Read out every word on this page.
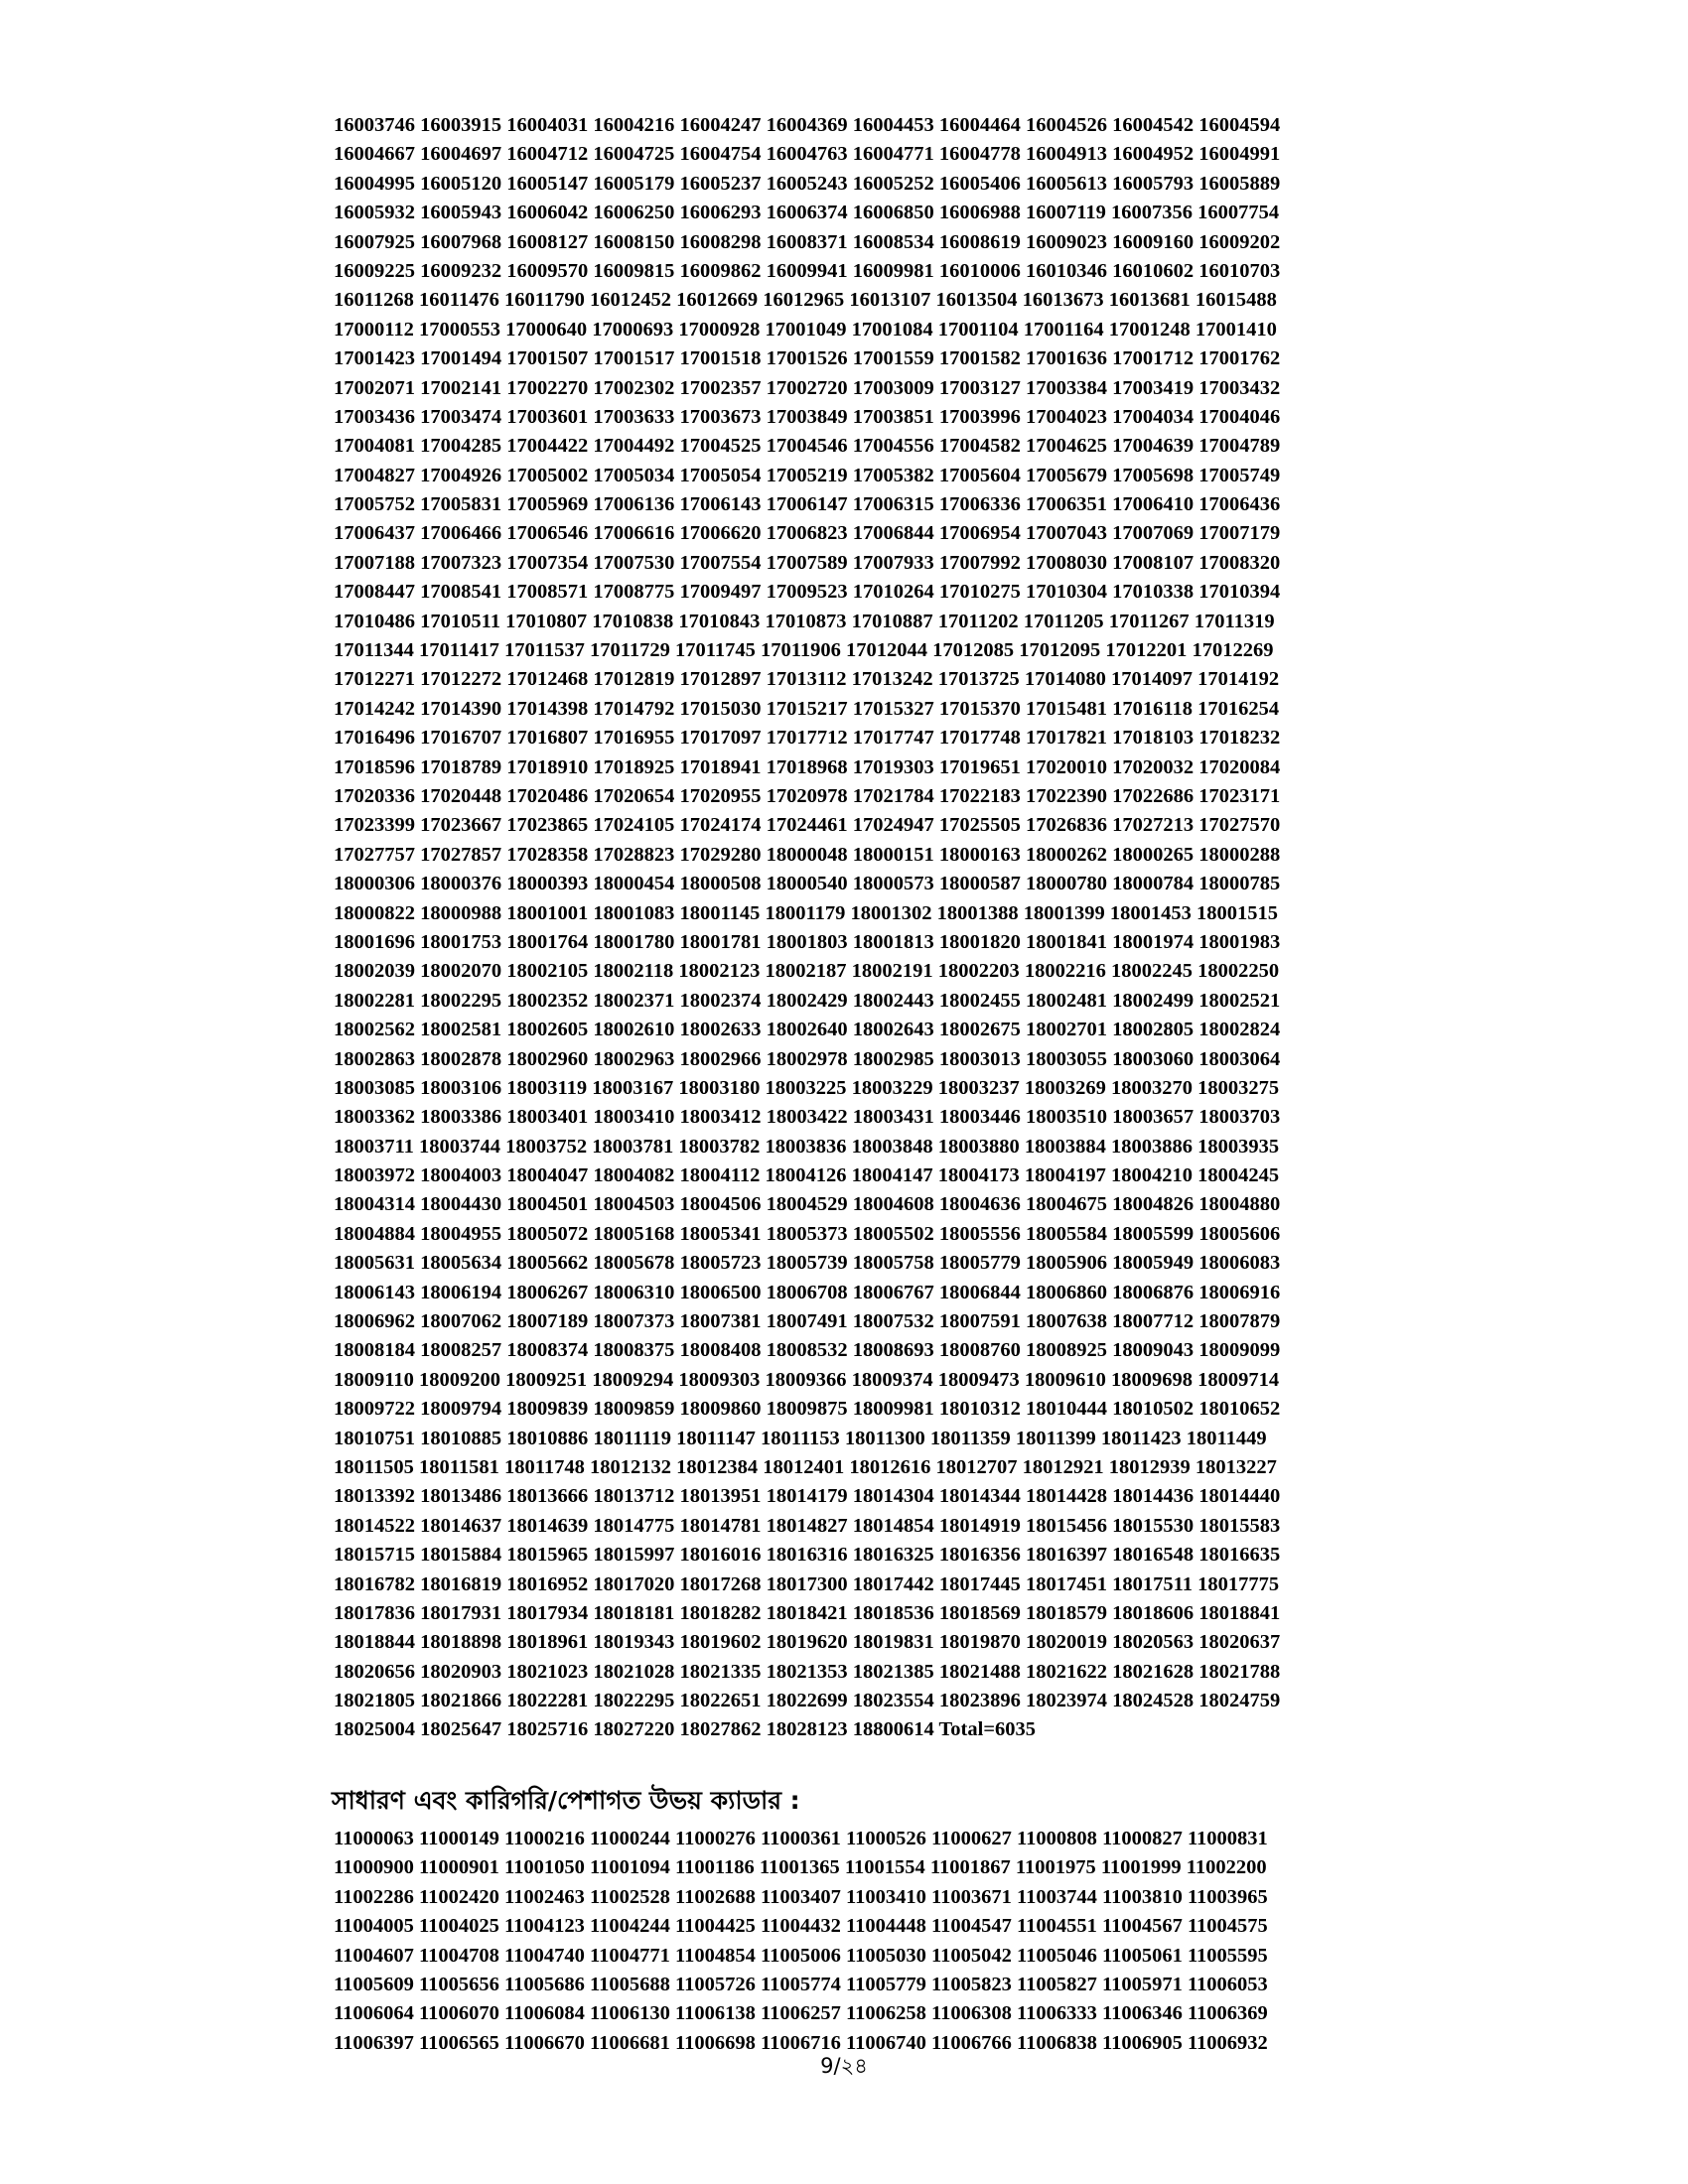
16003746 16003915 16004031 16004216 16004247 16004369 16004453 16004464 16004526 16004542 16004594
16004667 16004697 16004712 16004725 16004754 16004763 16004771 16004778 16004913 16004952 16004991
16004995 16005120 16005147 16005179 16005237 16005243 16005252 16005406 16005613 16005793 16005889
16005932 16005943 16006042 16006250 16006293 16006374 16006850 16006988 16007119 16007356 16007754
16007925 16007968 16008127 16008150 16008298 16008371 16008534 16008619 16009023 16009160 16009202
16009225 16009232 16009570 16009815 16009862 16009941 16009981 16010006 16010346 16010602 16010703
16011268 16011476 16011790 16012452 16012669 16012965 16013107 16013504 16013673 16013681 16015488
17000112 17000553 17000640 17000693 17000928 17001049 17001084 17001104 17001164 17001248 17001410
17001423 17001494 17001507 17001517 17001518 17001526 17001559 17001582 17001636 17001712 17001762
17002071 17002141 17002270 17002302 17002357 17002720 17003009 17003127 17003384 17003419 17003432
17003436 17003474 17003601 17003633 17003673 17003849 17003851 17003996 17004023 17004034 17004046
17004081 17004285 17004422 17004492 17004525 17004546 17004556 17004582 17004625 17004639 17004789
17004827 17004926 17005002 17005034 17005054 17005219 17005382 17005604 17005679 17005698 17005749
17005752 17005831 17005969 17006136 17006143 17006147 17006315 17006336 17006351 17006410 17006436
17006437 17006466 17006546 17006616 17006620 17006823 17006844 17006954 17007043 17007069 17007179
17007188 17007323 17007354 17007530 17007554 17007589 17007933 17007992 17008030 17008107 17008320
17008447 17008541 17008571 17008775 17009497 17009523 17010264 17010275 17010304 17010338 17010394
17010486 17010511 17010807 17010838 17010843 17010873 17010887 17011202 17011205 17011267 17011319
17011344 17011417 17011537 17011729 17011745 17011906 17012044 17012085 17012095 17012201 17012269
17012271 17012272 17012468 17012819 17012897 17013112 17013242 17013725 17014080 17014097 17014192
17014242 17014390 17014398 17014792 17015030 17015217 17015327 17015370 17015481 17016118 17016254
17016496 17016707 17016807 17016955 17017097 17017712 17017747 17017748 17017821 17018103 17018232
17018596 17018789 17018910 17018925 17018941 17018968 17019303 17019651 17020010 17020032 17020084
17020336 17020448 17020486 17020654 17020955 17020978 17021784 17022183 17022390 17022686 17023171
17023399 17023667 17023865 17024105 17024174 17024461 17024947 17025505 17026836 17027213 17027570
17027757 17027857 17028358 17028823 17029280 18000048 18000151 18000163 18000262 18000265 18000288
18000306 18000376 18000393 18000454 18000508 18000540 18000573 18000587 18000780 18000784 18000785
18000822 18000988 18001001 18001083 18001145 18001179 18001302 18001388 18001399 18001453 18001515
18001696 18001753 18001764 18001780 18001781 18001803 18001813 18001820 18001841 18001974 18001983
18002039 18002070 18002105 18002118 18002123 18002187 18002191 18002203 18002216 18002245 18002250
18002281 18002295 18002352 18002371 18002374 18002429 18002443 18002455 18002481 18002499 18002521
18002562 18002581 18002605 18002610 18002633 18002640 18002643 18002675 18002701 18002805 18002824
18002863 18002878 18002960 18002963 18002966 18002978 18002985 18003013 18003055 18003060 18003064
18003085 18003106 18003119 18003167 18003180 18003225 18003229 18003237 18003269 18003270 18003275
18003362 18003386 18003401 18003410 18003412 18003422 18003431 18003446 18003510 18003657 18003703
18003711 18003744 18003752 18003781 18003782 18003836 18003848 18003880 18003884 18003886 18003935
18003972 18004003 18004047 18004082 18004112 18004126 18004147 18004173 18004197 18004210 18004245
18004314 18004430 18004501 18004503 18004506 18004529 18004608 18004636 18004675 18004826 18004880
18004884 18004955 18005072 18005168 18005341 18005373 18005502 18005556 18005584 18005599 18005606
18005631 18005634 18005662 18005678 18005723 18005739 18005758 18005779 18005906 18005949 18006083
18006143 18006194 18006267 18006310 18006500 18006708 18006767 18006844 18006860 18006876 18006916
18006962 18007062 18007189 18007373 18007381 18007491 18007532 18007591 18007638 18007712 18007879
18008184 18008257 18008374 18008375 18008408 18008532 18008693 18008760 18008925 18009043 18009099
18009110 18009200 18009251 18009294 18009303 18009366 18009374 18009473 18009610 18009698 18009714
18009722 18009794 18009839 18009859 18009860 18009875 18009981 18010312 18010444 18010502 18010652
18010751 18010885 18010886 18011119 18011147 18011153 18011300 18011359 18011399 18011423 18011449
18011505 18011581 18011748 18012132 18012384 18012401 18012616 18012707 18012921 18012939 18013227
18013392 18013486 18013666 18013712 18013951 18014179 18014304 18014344 18014428 18014436 18014440
18014522 18014637 18014639 18014775 18014781 18014827 18014854 18014919 18015456 18015530 18015583
18015715 18015884 18015965 18015997 18016016 18016316 18016325 18016356 18016397 18016548 18016635
18016782 18016819 18016952 18017020 18017268 18017300 18017442 18017445 18017451 18017511 18017775
18017836 18017931 18017934 18018181 18018282 18018421 18018536 18018569 18018579 18018606 18018841
18018844 18018898 18018961 18019343 18019602 18019620 18019831 18019870 18020019 18020563 18020637
18020656 18020903 18021023 18021028 18021335 18021353 18021385 18021488 18021622 18021628 18021788
18021805 18021866 18022281 18022295 18022651 18022699 18023554 18023896 18023974 18024528 18024759
18025004 18025647 18025716 18027220 18027862 18028123 18800614 Total=6035
সাধারণ এবং কারিগরি/পেশাগত উভয় ক্যাডার :
11000063 11000149 11000216 11000244 11000276 11000361 11000526 11000627 11000808 11000827 11000831
11000900 11000901 11001050 11001094 11001186 11001365 11001554 11001867 11001975 11001999 11002200
11002286 11002420 11002463 11002528 11002688 11003407 11003410 11003671 11003744 11003810 11003965
11004005 11004025 11004123 11004244 11004425 11004432 11004448 11004547 11004551 11004567 11004575
11004607 11004708 11004740 11004771 11004854 11005006 11005030 11005042 11005046 11005061 11005595
11005609 11005656 11005686 11005688 11005726 11005774 11005779 11005823 11005827 11005971 11006053
11006064 11006070 11006084 11006130 11006138 11006257 11006258 11006308 11006333 11006346 11006369
11006397 11006565 11006670 11006681 11006698 11006716 11006740 11006766 11006838 11006905 11006932
9/২৪
